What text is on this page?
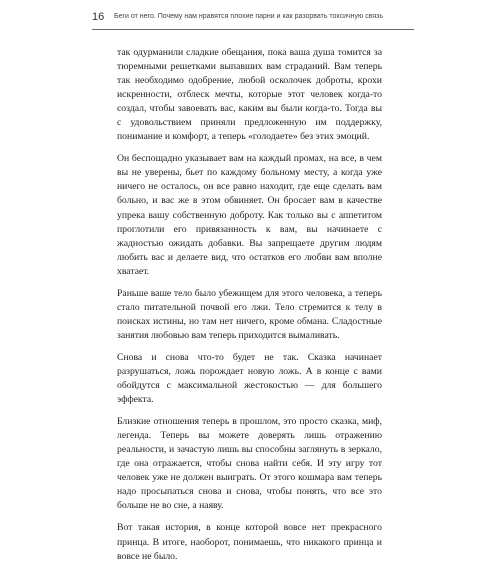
16 Беги от него. Почему нам нравятся плохие парни и как разорвать токсичную связь

так одурманили сладкие обещания, пока ваша душа томится за тюремными решетками выпавших вам страданий. Вам теперь так необходимо одобрение, любой осколочек доброты, крохи искренности, отблеск мечты, которые этот человек когда-то создал, чтобы завоевать вас, каким вы были когда-то. Тогда вы с удовольствием приняли предложенную им поддержку, понимание и комфорт, а теперь «голодаете» без этих эмоций.

Он беспощадно указывает вам на каждый промах, на все, в чем вы не уверены, бьет по каждому больному месту, а когда уже ничего не осталось, он все равно находит, где еще сделать вам больно, и вас же в этом обвиняет. Он бросает вам в качестве упрека вашу собственную доброту. Как только вы с аппетитом проглотили его привязанность к вам, вы начинаете с жадностью ожидать добавки. Вы запрещаете другим людям любить вас и делаете вид, что остатков его любви вам вполне хватает.

Раньше ваше тело было убежищем для этого человека, а теперь стало питательной почвой его лжи. Тело стремится к телу в поисках истины, но там нет ничего, кроме обмана. Сладостные занятия любовью вам теперь приходится вымаливать.

Снова и снова что-то будет не так. Сказка начинает разрушаться, ложь порождает новую ложь. А в конце с вами обойдутся с максимальной жестокостью — для большего эффекта.

Близкие отношения теперь в прошлом, это просто сказка, миф, легенда. Теперь вы можете доверять лишь отражению реальности, и зачастую лишь вы способны заглянуть в зеркало, где она отражается, чтобы снова найти себя. И эту игру тот человек уже не должен выиграть. От этого кошмара вам теперь надо просыпаться снова и снова, чтобы понять, что все это больше не во сне, а наяву.

Вот такая история, в конце которой вовсе нет прекрасного принца. В итоге, наоборот, понимаешь, что никакого принца и вовсе не было.
